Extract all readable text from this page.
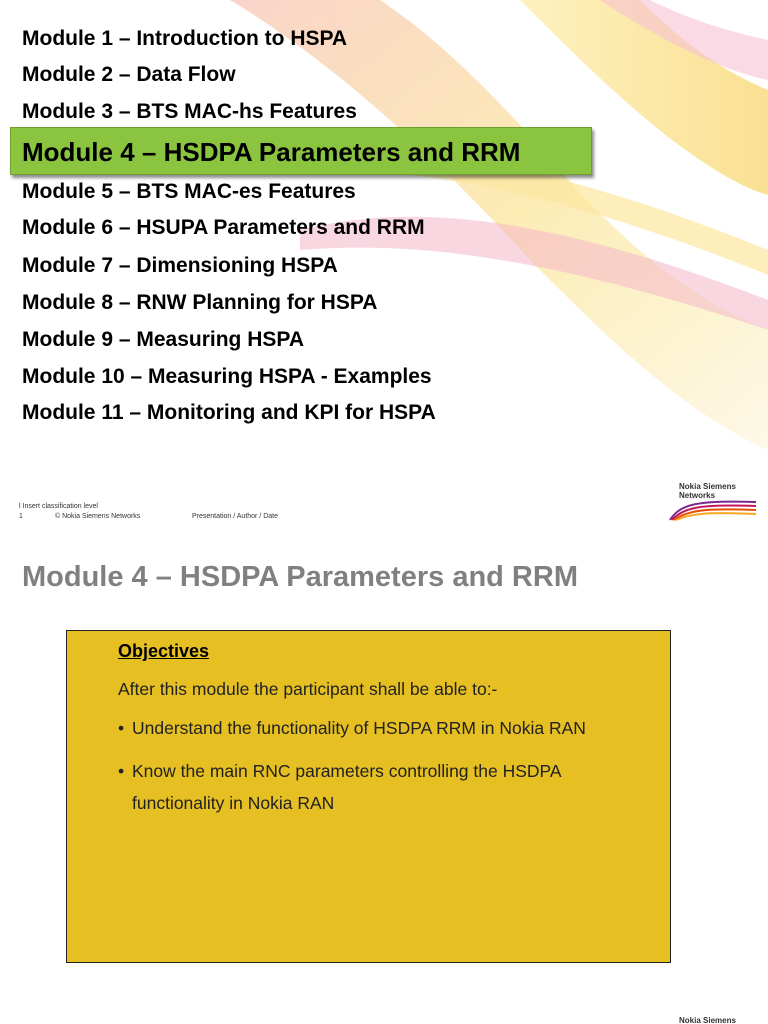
Module 1 – Introduction to HSPA
Module 2 – Data Flow
Module 3 – BTS MAC-hs Features
Module 5 – BTS MAC-es Features
Module 6 – HSUPA Parameters and RRM
Module 7 – Dimensioning HSPA
Module 8 – RNW Planning for HSPA
Module 9 – Measuring HSPA
Module 10 – Measuring HSPA - Examples
Module 11 – Monitoring and KPI for HSPA
Module 4 – HSDPA Parameters and RRM
l Insert classification level
1	© Nokia Siemens Networks	Presentation / Author / Date
Nokia Siemens
Networks
Module 4 – HSDPA Parameters and RRM
Objectives
After this module the participant shall be able to:-
• Understand the functionality of HSDPA RRM in Nokia RAN
• Know the main RNC parameters controlling the HSDPA
functionality in Nokia RAN
Nokia Siemens
